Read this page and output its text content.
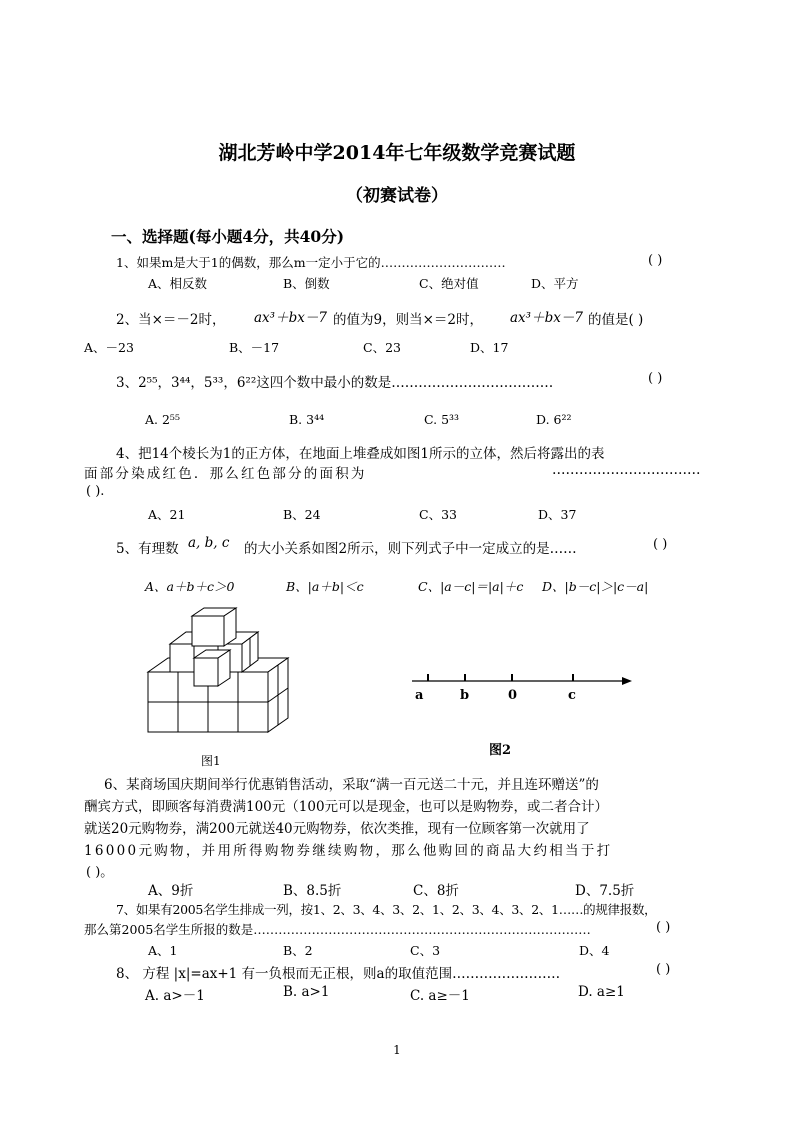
湖北芳岭中学2014年七年级数学竞赛试题
（初赛试卷）
一、选择题(每小题4分，共40分)
1、如果m是大于1的偶数，那么m一定小于它的…………………………	( )
A、相反数	B、倒数	C、绝对值	D、平方
2、当×＝－2时， ax³＋bx－7 的值为9，则当×＝2时， ax³＋bx－7 的值是( )
A、－23	B、－17	C、23	D、17
3、2⁵⁵，3⁴⁴，5³³，6²²这四个数中最小的数是………………………………	( )
A. 2⁵⁵	B. 3⁴⁴	C. 5³³	D. 6²²
4、把14个棱长为1的正方体，在地面上堆叠成如图1所示的立体，然后将露出的表
面部分染成红色．那么红色部分的面积为	……………………………
( ).
A、21	B、24	C、33	D、37
5、有理数 a, b, c 的大小关系如图2所示，则下列式子中一定成立的是……	( )
A、a＋b＋c＞0	B、|a＋b|＜c	C、|a－c|＝|a|＋c D、|b－c|＞|c－a|
图1
a	b	0	c
图2
6、某商场国庆期间举行优惠销售活动，采取“满一百元送二十元，并且连环赠送”的
酬宾方式，即顾客每消费满100元（100元可以是现金，也可以是购物券，或二者合计）
就送20元购物券，满200元就送40元购物券，依次类推，现有一位顾客第一次就用了
16000元购物，并用所得购物券继续购物，那么他购回的商品大约相当于打
( )。
A、9折	B、8.5折	C、8折	D、7.5折
7、如果有2005名学生排成一列，按1、2、3、4、3、2、1、2、3、4、3、2、1……的规律报数，
那么第2005名学生所报的数是………………………………………………………………………	( )
A、1	B、2	C、3	D、4
8、 方程 |x|=ax+1 有一负根而无正根，则a的取值范围……………………	( )
A. a>－1	B. a>1	C. a≥－1	D. a≥1
1
